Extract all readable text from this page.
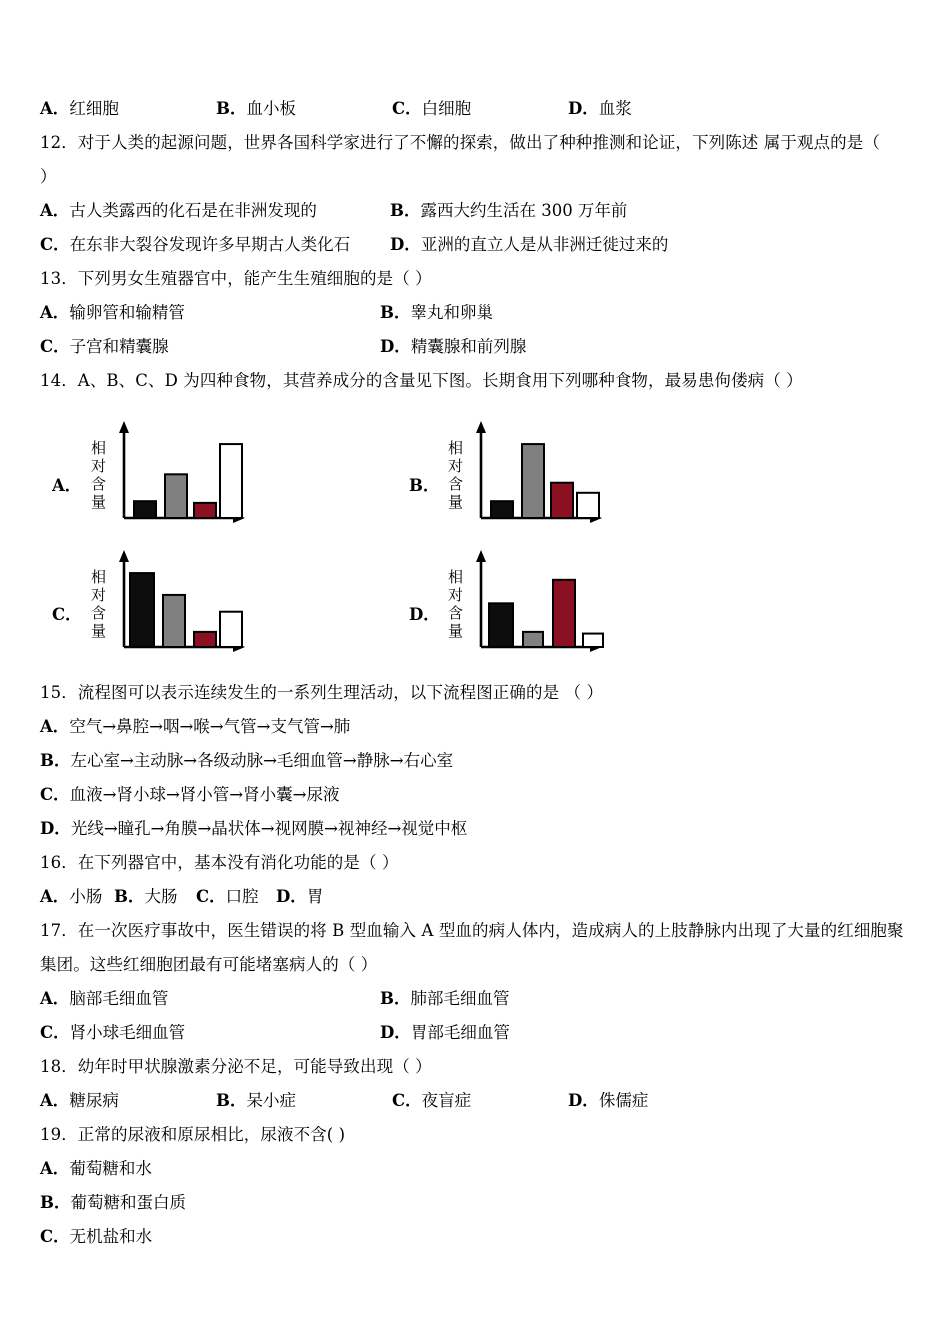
A．红细胞	B．血小板	C．白细胞	D．血浆
12．对于人类的起源问题，世界各国科学家进行了不懈的探索，做出了种种推测和论证，下列陈述 属于观点的是（
）
A．古人类露西的化石是在非洲发现的	B．露西大约生活在 300 万年前
C．在东非大裂谷发现许多早期古人类化石 D．亚洲的直立人是从非洲迁徙过来的
13．下列男女生殖器官中，能产生生殖细胞的是（ ）
A．输卵管和输精管	B．睾丸和卵巢
C．子宫和精囊腺	D．精囊腺和前列腺
14．A、B、C、D 为四种食物，其营养成分的含量见下图。长期食用下列哪种食物，最易患佝偻病（ ）
A． 相对含量	B． 相对含量
C． 相对含量	D． 相对含量
15．流程图可以表示连续发生的一系列生理活动，以下流程图正确的是 （ ）
A．空气→鼻腔→咽→喉→气管→支气管→肺
B．左心室→主动脉→各级动脉→毛细血管→静脉→右心室
C．血液→肾小球→肾小管→肾小囊→尿液
D．光线→瞳孔→角膜→晶状体→视网膜→视神经→视觉中枢
16．在下列器官中，基本没有消化功能的是（ ）
A．小肠 B．大肠 C．口腔 D．胃
17．在一次医疗事故中，医生错误的将 B 型血输入 A 型血的病人体内，造成病人的上肢静脉内出现了大量的红细胞聚
集团。这些红细胞团最有可能堵塞病人的（ ）
A．脑部毛细血管	B．肺部毛细血管
C．肾小球毛细血管	D．胃部毛细血管
18．幼年时甲状腺激素分泌不足，可能导致出现（ ）
A．糖尿病	B．呆小症	C．夜盲症	D．侏儒症
19．正常的尿液和原尿相比，尿液不含( )
A．葡萄糖和水
B．葡萄糖和蛋白质
C．无机盐和水
